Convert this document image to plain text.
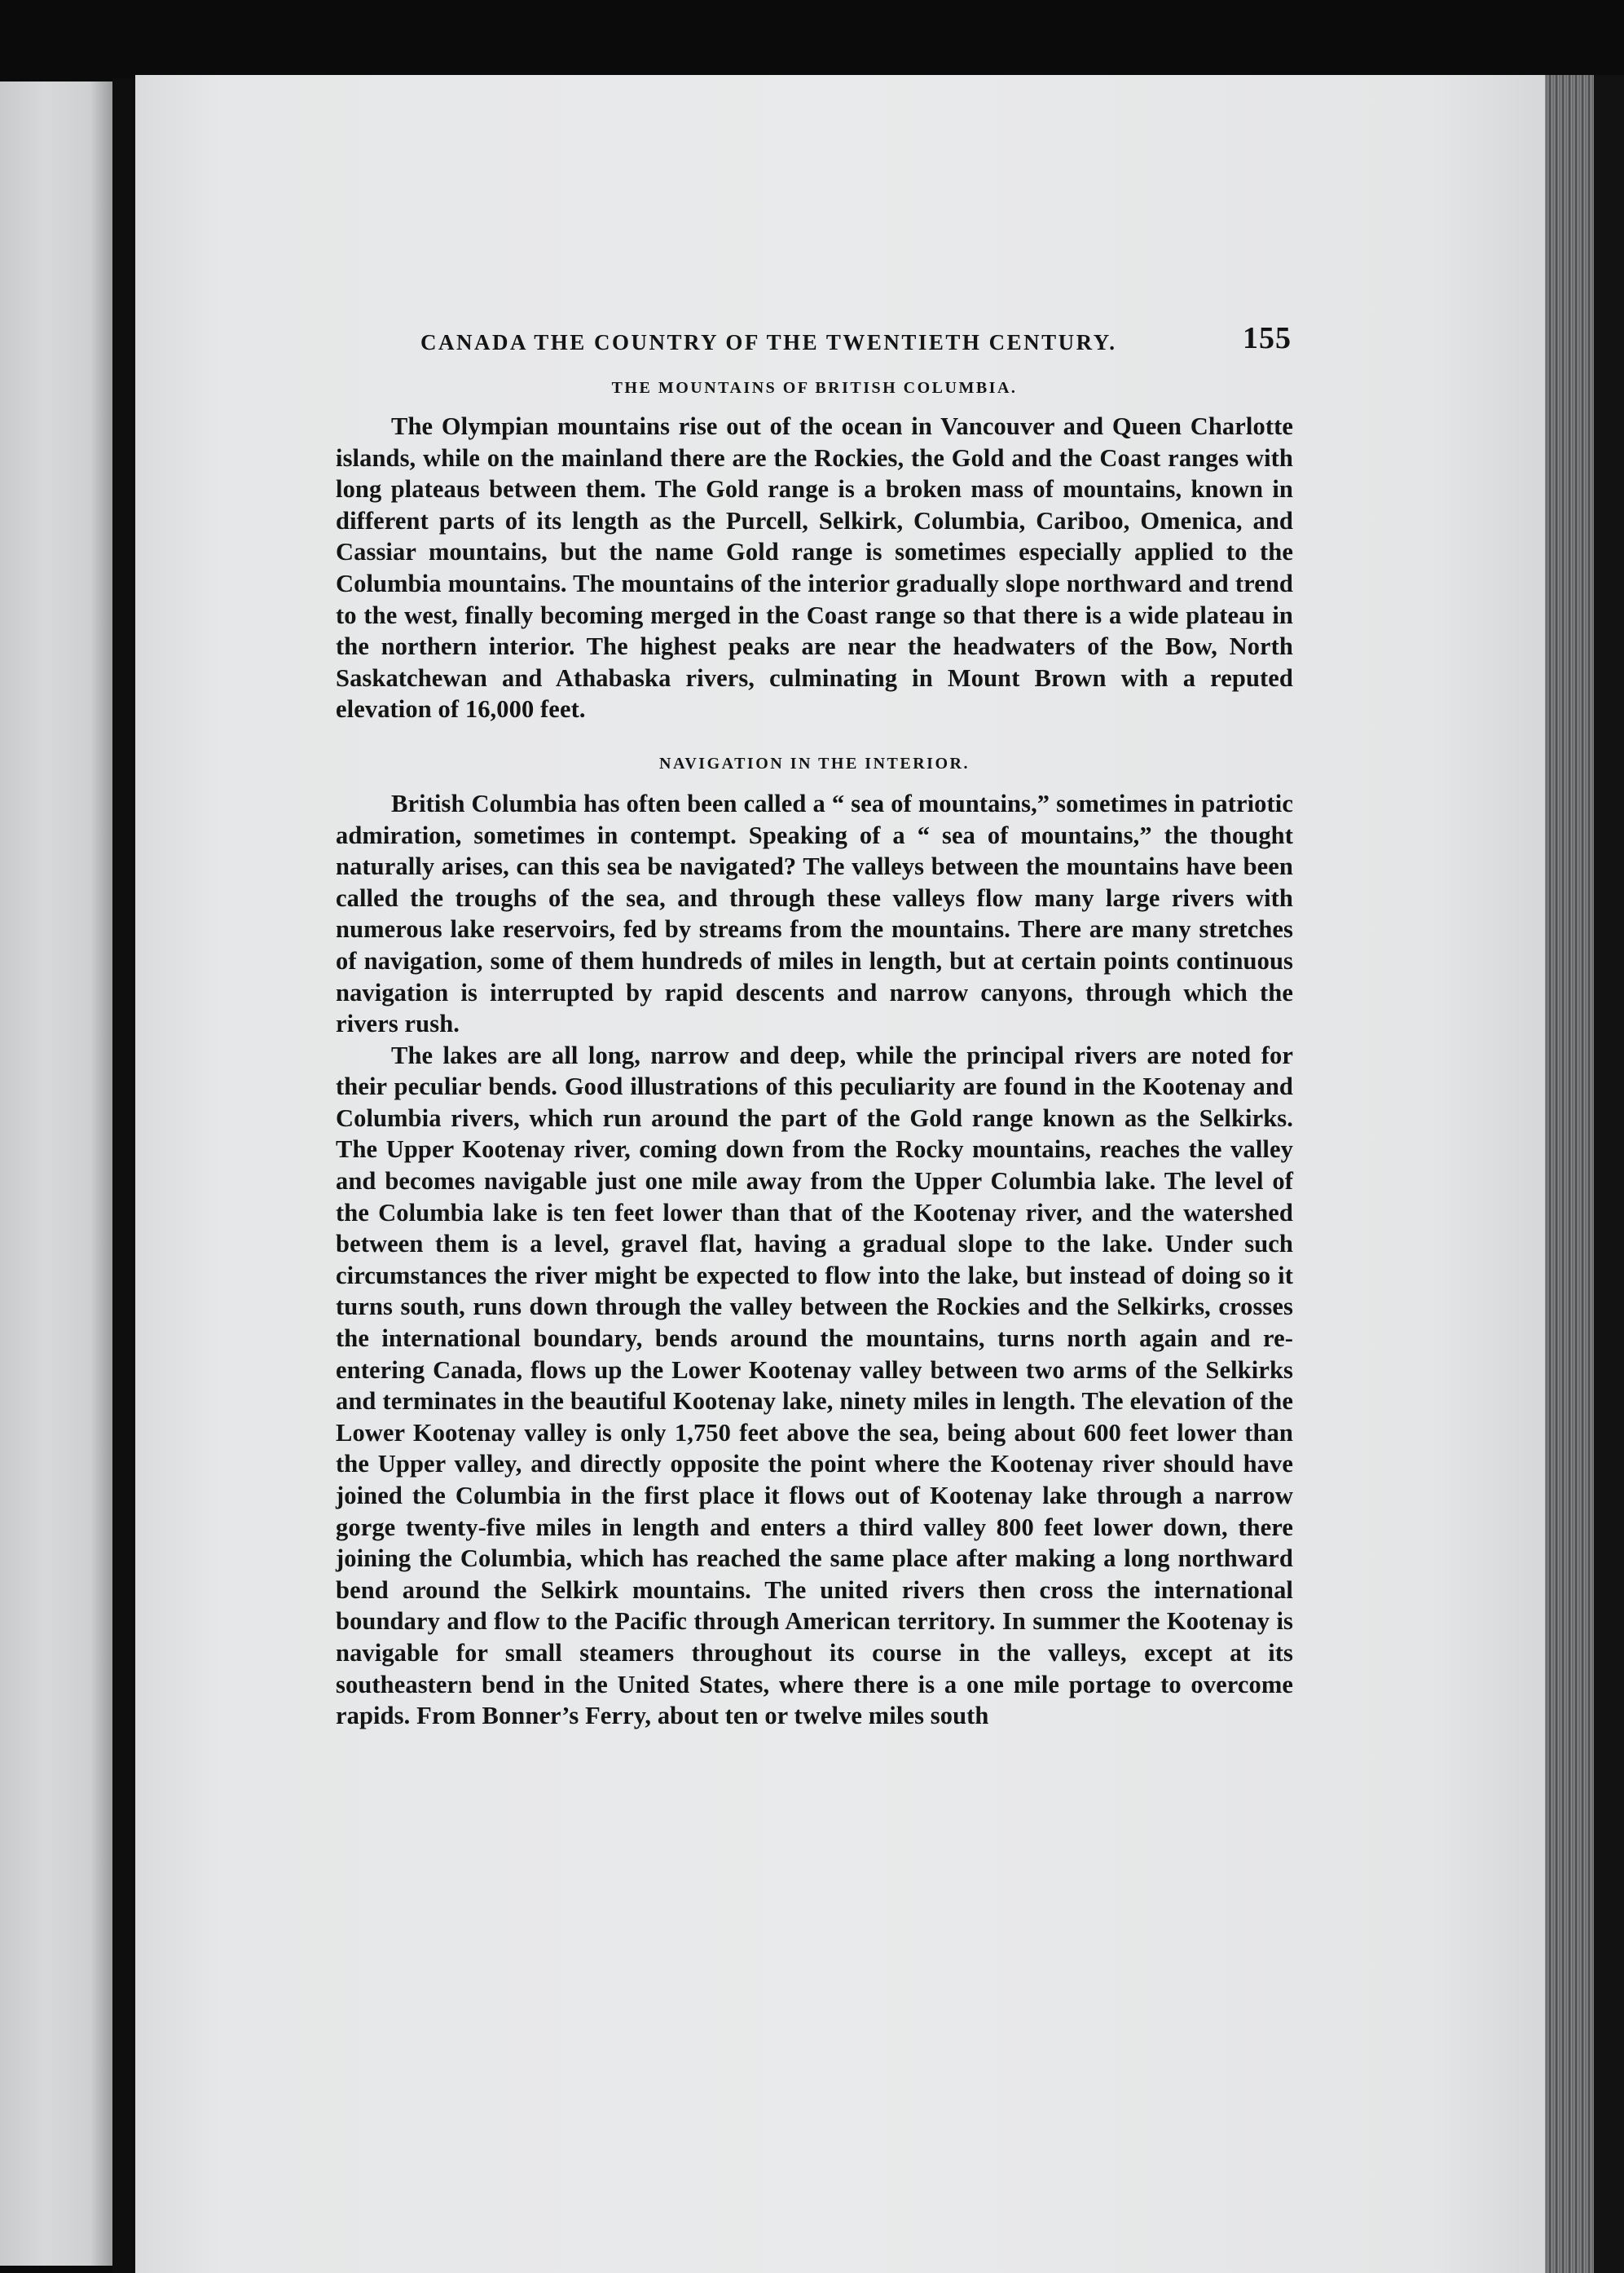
CANADA THE COUNTRY OF THE TWENTIETH CENTURY.	155
THE MOUNTAINS OF BRITISH COLUMBIA.

The Olympian mountains rise out of the ocean in Vancouver and Queen Charlotte islands, while on the mainland there are the Rockies, the Gold and the Coast ranges with long plateaus between them. The Gold range is a broken mass of mountains, known in different parts of its length as the Purcell, Selkirk, Columbia, Cariboo, Omenica, and Cassiar mountains, but the name Gold range is sometimes especially applied to the Columbia mountains. The mountains of the interior gradually slope northward and trend to the west, finally becoming merged in the Coast range so that there is a wide plateau in the northern interior. The highest peaks are near the headwaters of the Bow, North Saskatchewan and Athabaska rivers, culminating in Mount Brown with a reputed elevation of 16,000 feet.

NAVIGATION IN THE INTERIOR.

British Columbia has often been called a “ sea of mountains,” sometimes in patriotic admiration, sometimes in contempt. Speaking of a “ sea of mountains,” the thought naturally arises, can this sea be navigated? The valleys between the mountains have been called the troughs of the sea, and through these valleys flow many large rivers with numerous lake reservoirs, fed by streams from the mountains. There are many stretches of navigation, some of them hundreds of miles in length, but at certain points continuous navigation is interrupted by rapid descents and narrow canyons, through which the rivers rush.

The lakes are all long, narrow and deep, while the principal rivers are noted for their peculiar bends. Good illustrations of this peculiarity are found in the Kootenay and Columbia rivers, which run around the part of the Gold range known as the Selkirks. The Upper Kootenay river, coming down from the Rocky mountains, reaches the valley and becomes navigable just one mile away from the Upper Columbia lake. The level of the Columbia lake is ten feet lower than that of the Kootenay river, and the watershed between them is a level, gravel flat, having a gradual slope to the lake. Under such circumstances the river might be expected to flow into the lake, but instead of doing so it turns south, runs down through the valley between the Rockies and the Selkirks, crosses the international boundary, bends around the mountains, turns north again and re-entering Canada, flows up the Lower Kootenay valley between two arms of the Selkirks and terminates in the beautiful Kootenay lake, ninety miles in length. The elevation of the Lower Kootenay valley is only 1,750 feet above the sea, being about 600 feet lower than the Upper valley, and directly opposite the point where the Kootenay river should have joined the Columbia in the first place it flows out of Kootenay lake through a narrow gorge twenty-five miles in length and enters a third valley 800 feet lower down, there joining the Columbia, which has reached the same place after making a long northward bend around the Selkirk mountains. The united rivers then cross the international boundary and flow to the Pacific through American territory. In summer the Kootenay is navigable for small steamers throughout its course in the valleys, except at its southeastern bend in the United States, where there is a one mile portage to overcome rapids. From Bonner’s Ferry, about ten or twelve miles south
